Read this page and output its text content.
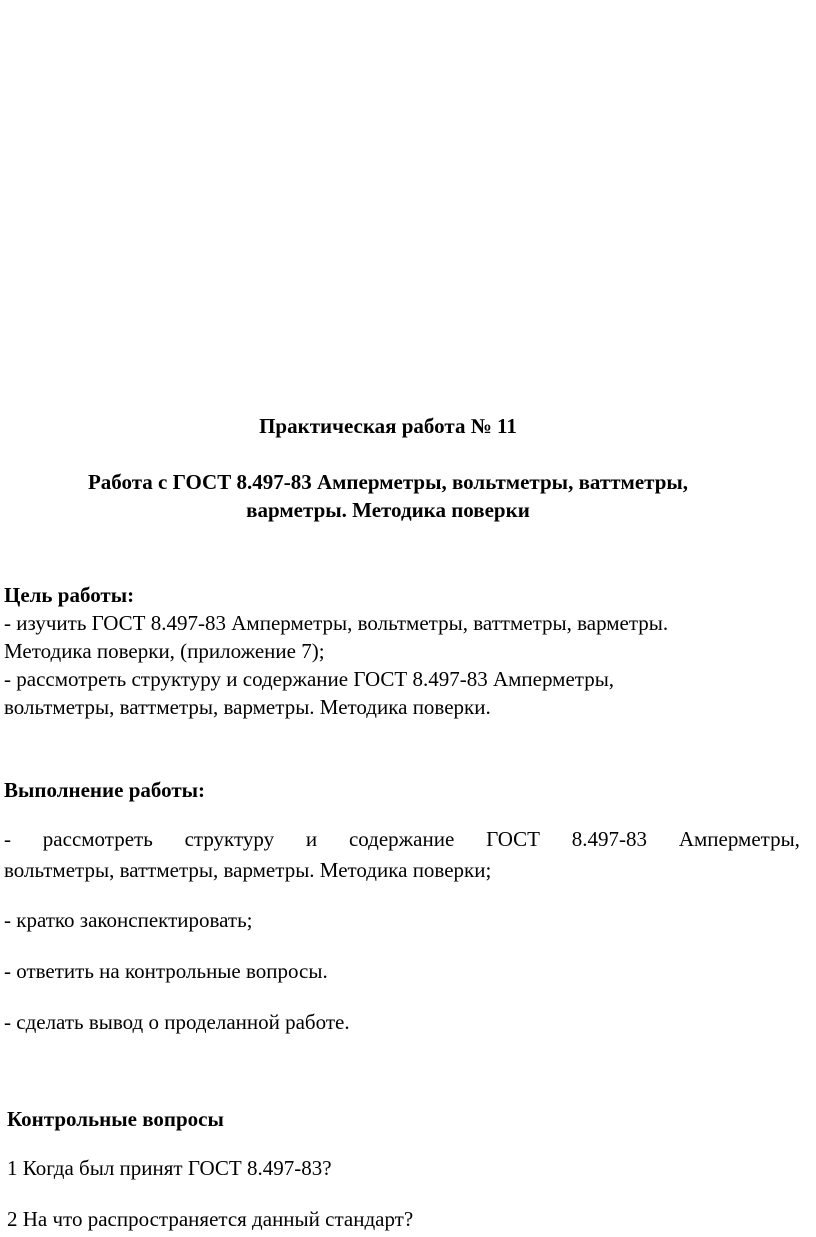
Практическая работа № 11
Работа с ГОСТ 8.497-83 Амперметры, вольтметры, ваттметры,
варметры. Методика поверки
Цель работы:
- изучить ГОСТ 8.497-83 Амперметры, вольтметры, ваттметры, варметры.
Методика поверки, (приложение 7);
- рассмотреть структуру и содержание ГОСТ 8.497-83 Амперметры,
вольтметры, ваттметры, варметры. Методика поверки.
Выполнение работы:
- рассмотреть структуру и содержание ГОСТ 8.497-83 Амперметры,
вольтметры, ваттметры, варметры. Методика поверки;
- кратко законспектировать;
- ответить на контрольные вопросы.
- сделать вывод о проделанной работе.
Контрольные вопросы
1 Когда был принят ГОСТ 8.497-83?
2 На что распространяется данный стандарт?
